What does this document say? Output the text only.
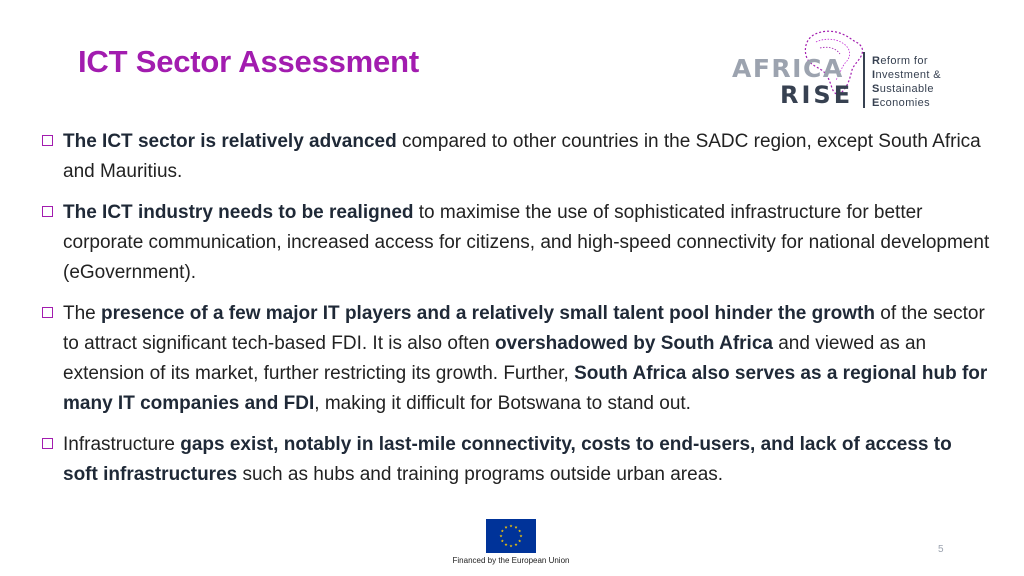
ICT Sector Assessment	AFRICA
RISE
Reform for
Investment &
Sustainable
Economies
The ICT sector is relatively advanced compared to other countries in the SADC region, except South Africa and Mauritius.
The ICT industry needs to be realigned to maximise the use of sophisticated infrastructure for better corporate communication, increased access for citizens, and high-speed connectivity for national development (eGovernment).
The presence of a few major IT players and a relatively small talent pool hinder the growth of the sector to attract significant tech-based FDI. It is also often overshadowed by South Africa and viewed as an extension of its market, further restricting its growth. Further, South Africa also serves as a regional hub for many IT companies and FDI, making it difficult for Botswana to stand out.
Infrastructure gaps exist, notably in last-mile connectivity, costs to end-users, and lack of access to soft infrastructures such as hubs and training programs outside urban areas.
Financed by the European Union
5
